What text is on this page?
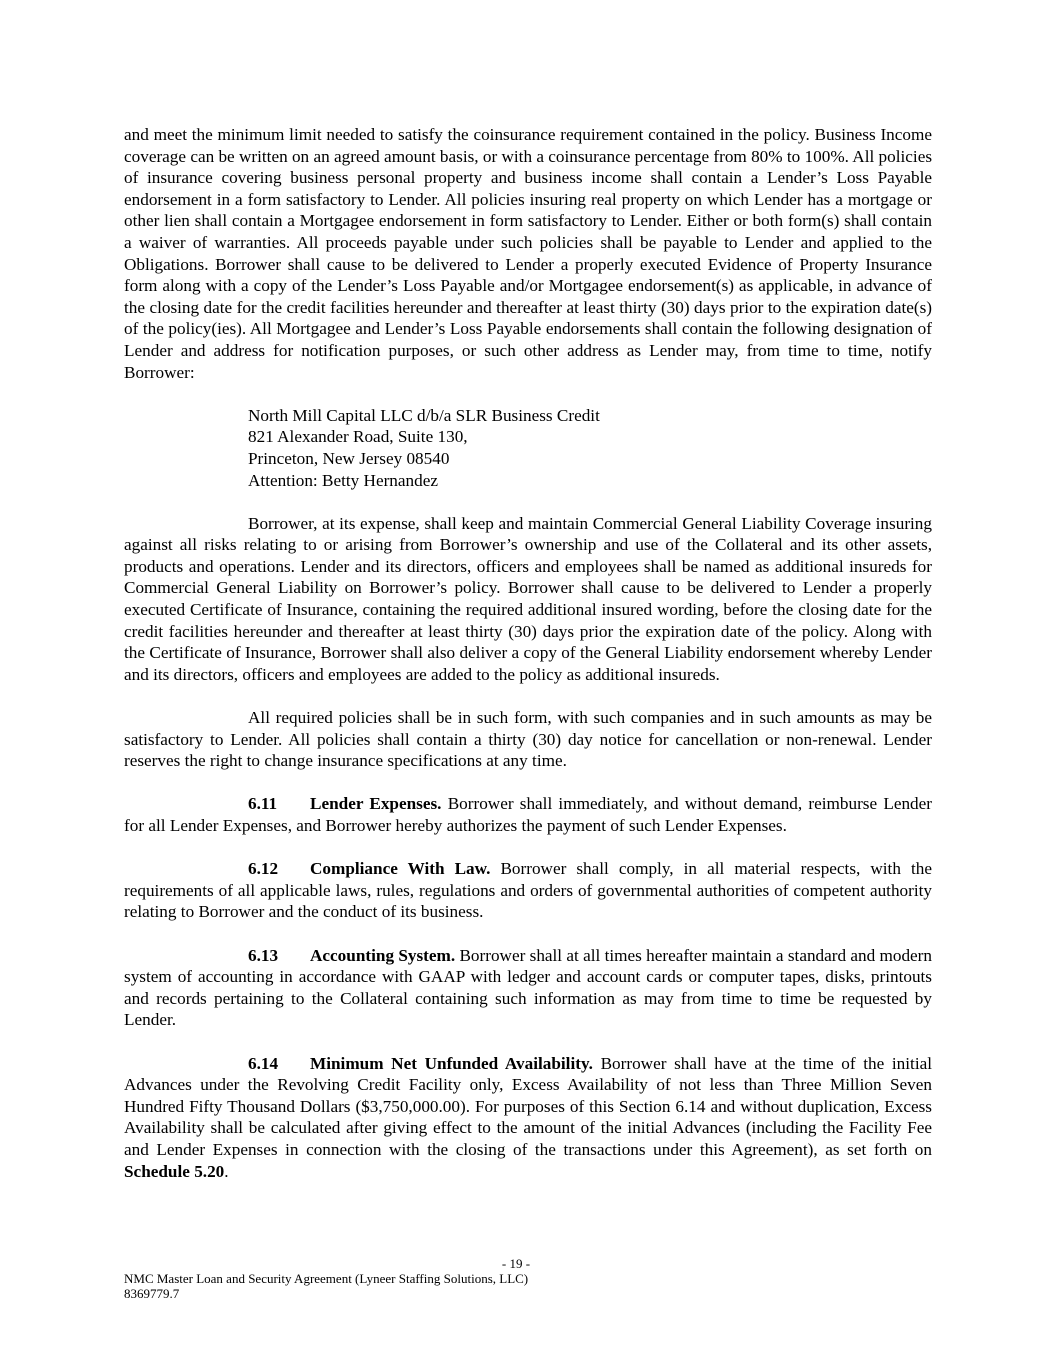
and meet the minimum limit needed to satisfy the coinsurance requirement contained in the policy. Business Income coverage can be written on an agreed amount basis, or with a coinsurance percentage from 80% to 100%. All policies of insurance covering business personal property and business income shall contain a Lender’s Loss Payable endorsement in a form satisfactory to Lender. All policies insuring real property on which Lender has a mortgage or other lien shall contain a Mortgagee endorsement in form satisfactory to Lender. Either or both form(s) shall contain a waiver of warranties. All proceeds payable under such policies shall be payable to Lender and applied to the Obligations. Borrower shall cause to be delivered to Lender a properly executed Evidence of Property Insurance form along with a copy of the Lender’s Loss Payable and/or Mortgagee endorsement(s) as applicable, in advance of the closing date for the credit facilities hereunder and thereafter at least thirty (30) days prior to the expiration date(s) of the policy(ies). All Mortgagee and Lender’s Loss Payable endorsements shall contain the following designation of Lender and address for notification purposes, or such other address as Lender may, from time to time, notify Borrower:

North Mill Capital LLC d/b/a SLR Business Credit
821 Alexander Road, Suite 130,
Princeton, New Jersey 08540
Attention: Betty Hernandez

Borrower, at its expense, shall keep and maintain Commercial General Liability Coverage insuring against all risks relating to or arising from Borrower’s ownership and use of the Collateral and its other assets, products and operations. Lender and its directors, officers and employees shall be named as additional insureds for Commercial General Liability on Borrower’s policy. Borrower shall cause to be delivered to Lender a properly executed Certificate of Insurance, containing the required additional insured wording, before the closing date for the credit facilities hereunder and thereafter at least thirty (30) days prior the expiration date of the policy. Along with the Certificate of Insurance, Borrower shall also deliver a copy of the General Liability endorsement whereby Lender and its directors, officers and employees are added to the policy as additional insureds.

All required policies shall be in such form, with such companies and in such amounts as may be satisfactory to Lender. All policies shall contain a thirty (30) day notice for cancellation or non-renewal. Lender reserves the right to change insurance specifications at any time.

6.11 Lender Expenses. Borrower shall immediately, and without demand, reimburse Lender for all Lender Expenses, and Borrower hereby authorizes the payment of such Lender Expenses.

6.12 Compliance With Law. Borrower shall comply, in all material respects, with the requirements of all applicable laws, rules, regulations and orders of governmental authorities of competent authority relating to Borrower and the conduct of its business.

6.13 Accounting System. Borrower shall at all times hereafter maintain a standard and modern system of accounting in accordance with GAAP with ledger and account cards or computer tapes, disks, printouts and records pertaining to the Collateral containing such information as may from time to time be requested by Lender.

6.14 Minimum Net Unfunded Availability. Borrower shall have at the time of the initial Advances under the Revolving Credit Facility only, Excess Availability of not less than Three Million Seven Hundred Fifty Thousand Dollars ($3,750,000.00). For purposes of this Section 6.14 and without duplication, Excess Availability shall be calculated after giving effect to the amount of the initial Advances (including the Facility Fee and Lender Expenses in connection with the closing of the transactions under this Agreement), as set forth on Schedule 5.20.

- 19 -
NMC Master Loan and Security Agreement (Lyneer Staffing Solutions, LLC)
8369779.7
